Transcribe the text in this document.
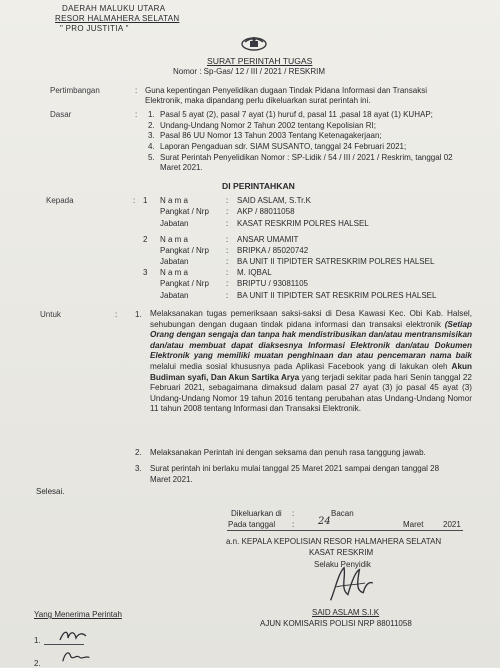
DAERAH MALUKU UTARA
RESOR HALMAHERA SELATAN
" PRO JUSTITIA "
SURAT PERINTAH TUGAS
Nomor : Sp-Gas/ 12 / III / 2021 / RESKRIM
Pertimbangan	: Guna kepentingan Penyelidikan dugaan Tindak Pidana Informasi dan Transaksi
Elektronik, maka dipandang perlu dikeluarkan surat perintah ini.
Dasar	: 1. Pasal 5 ayat (2), pasal 7 ayat (1) huruf d, pasal 11 ,pasal 18 ayat (1) KUHAP;
2. Undang-Undang Nomor 2 Tahun 2002 tentang Kepolisian RI;
3. Pasal 86 UU Nomor 13 Tahun 2003 Tentang Ketenagakerjaan;
4. Laporan Pengaduan sdr. SIAM SUSANTO, tanggal 24 Februari 2021;
5. Surat Perintah Penyelidikan Nomor : SP-Lidik / 54 / III / 2021 / Reskrim, tanggal 02
Maret 2021.
DI PERINTAHKAN
Kepada	: 1 N a m a	: SAID ASLAM, S.Tr.K
Pangkat / Nrp : AKP / 88011058
Jabatan	: KASAT RESKRIM POLRES HALSEL
2 N a m a	: ANSAR UMAMIT
Pangkat / Nrp : BRIPKA / 85020742
Jabatan	: BA UNIT II TIPIDTER SATRESKRIM POLRES HALSEL
3 N a m a	: M. IQBAL
Pangkat / Nrp : BRIPTU / 93081105
Jabatan	: BA UNIT II TIPIDTER SAT RESKRIM POLRES HALSEL
Untuk	: 1. Melaksanakan tugas pemeriksaan saksi-saksi di Desa Kawasi Kec. Obi Kab. Halsel, sehubungan dengan dugaan tindak pidana informasi dan transaksi elektronik (Setiap Orang dengan sengaja dan tanpa hak mendistribusikan dan/atau mentransmisikan dan/atau membuat dapat diaksesnya Informasi Elektronik dan/atau Dokumen Elektronik yang memiliki muatan penghinaan dan atau pencemaran nama baik melalui media sosial khususnya pada Aplikasi Facebook yang di lakukan oleh Akun Budiman syafi, Dan Akun Sartika Arya yang terjadi sekitar pada hari Senin tanggal 22 Februari 2021, sebagaimana dimaksud dalam pasal 27 ayat (3) jo pasal 45 ayat (3) Undang-Undang Nomor 19 tahun 2016 tentang perubahan atas Undang-Undang Nomor 11 tahun 2008 tentang Informasi dan Transaksi Elektronik.
2. Melaksanakan Perintah ini dengan seksama dan penuh rasa tanggung jawab.
3. Surat perintah ini berlaku mulai tanggal 25 Maret 2021 sampai dengan tanggal 28
Maret 2021.
Selesai.
Dikeluarkan di :	Bacan
Pada tanggal : 24	Maret 2021
a.n. KEPALA KEPOLISIAN RESOR HALMAHERA SELATAN
KASAT RESKRIM
Selaku Penyidik
SAID ASLAM S.I.K
AJUN KOMISARIS POLISI NRP 88011058
Yang Menerima Perintah
1.
2.
